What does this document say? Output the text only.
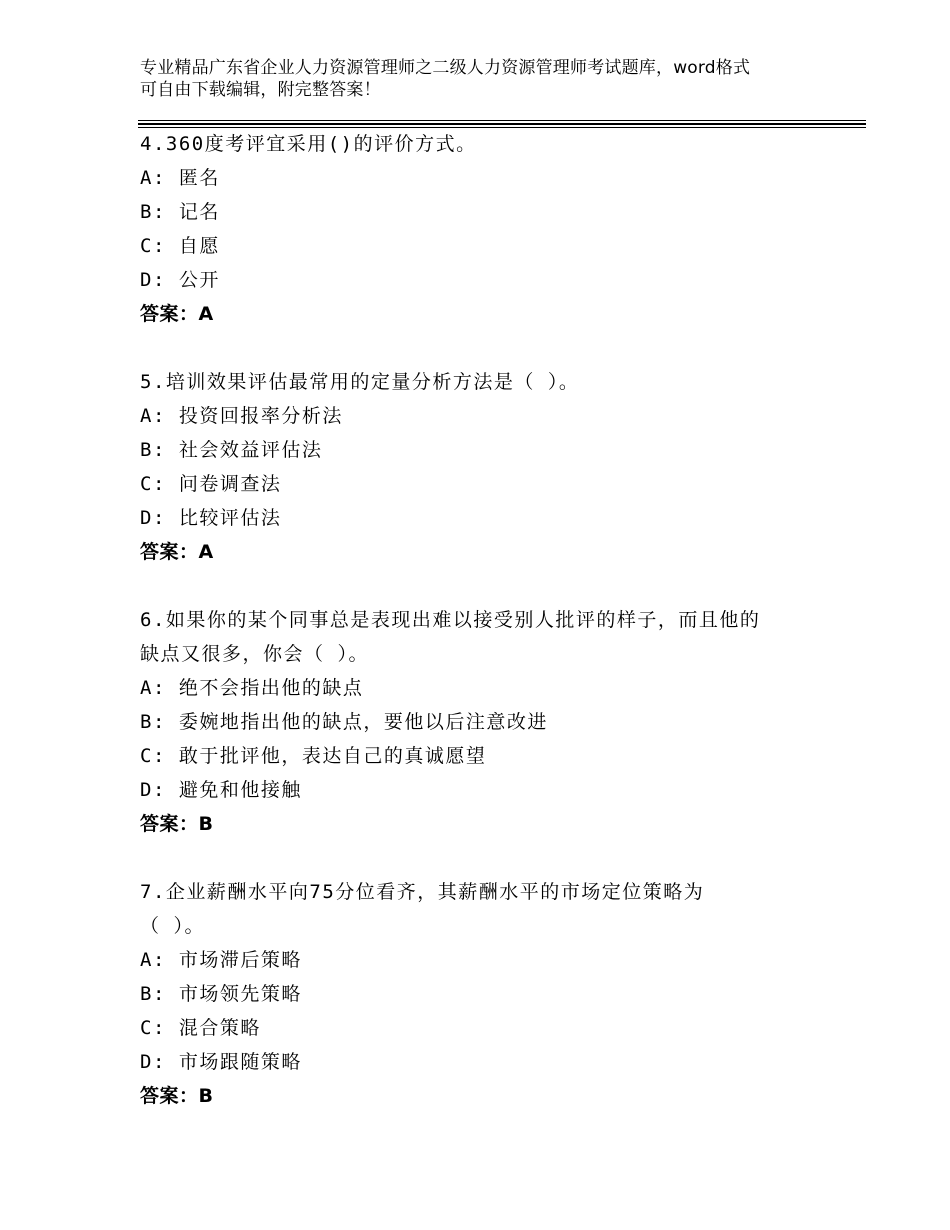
专业精品广东省企业人力资源管理师之二级人力资源管理师考试题库，word格式
可自由下载编辑，附完整答案！
4.360度考评宜采用()的评价方式。
A: 匿名
B: 记名
C: 自愿
D: 公开
答案：A
5.培训效果评估最常用的定量分析方法是（ ）。
A: 投资回报率分析法
B: 社会效益评估法
C: 问卷调查法
D: 比较评估法
答案：A
6.如果你的某个同事总是表现出难以接受别人批评的样子，而且他的
缺点又很多，你会（ ）。
A: 绝不会指出他的缺点
B: 委婉地指出他的缺点，要他以后注意改进
C: 敢于批评他，表达自己的真诚愿望
D: 避免和他接触
答案：B
7.企业薪酬水平向75分位看齐，其薪酬水平的市场定位策略为
（ ）。
A: 市场滞后策略
B: 市场领先策略
C: 混合策略
D: 市场跟随策略
答案：B
